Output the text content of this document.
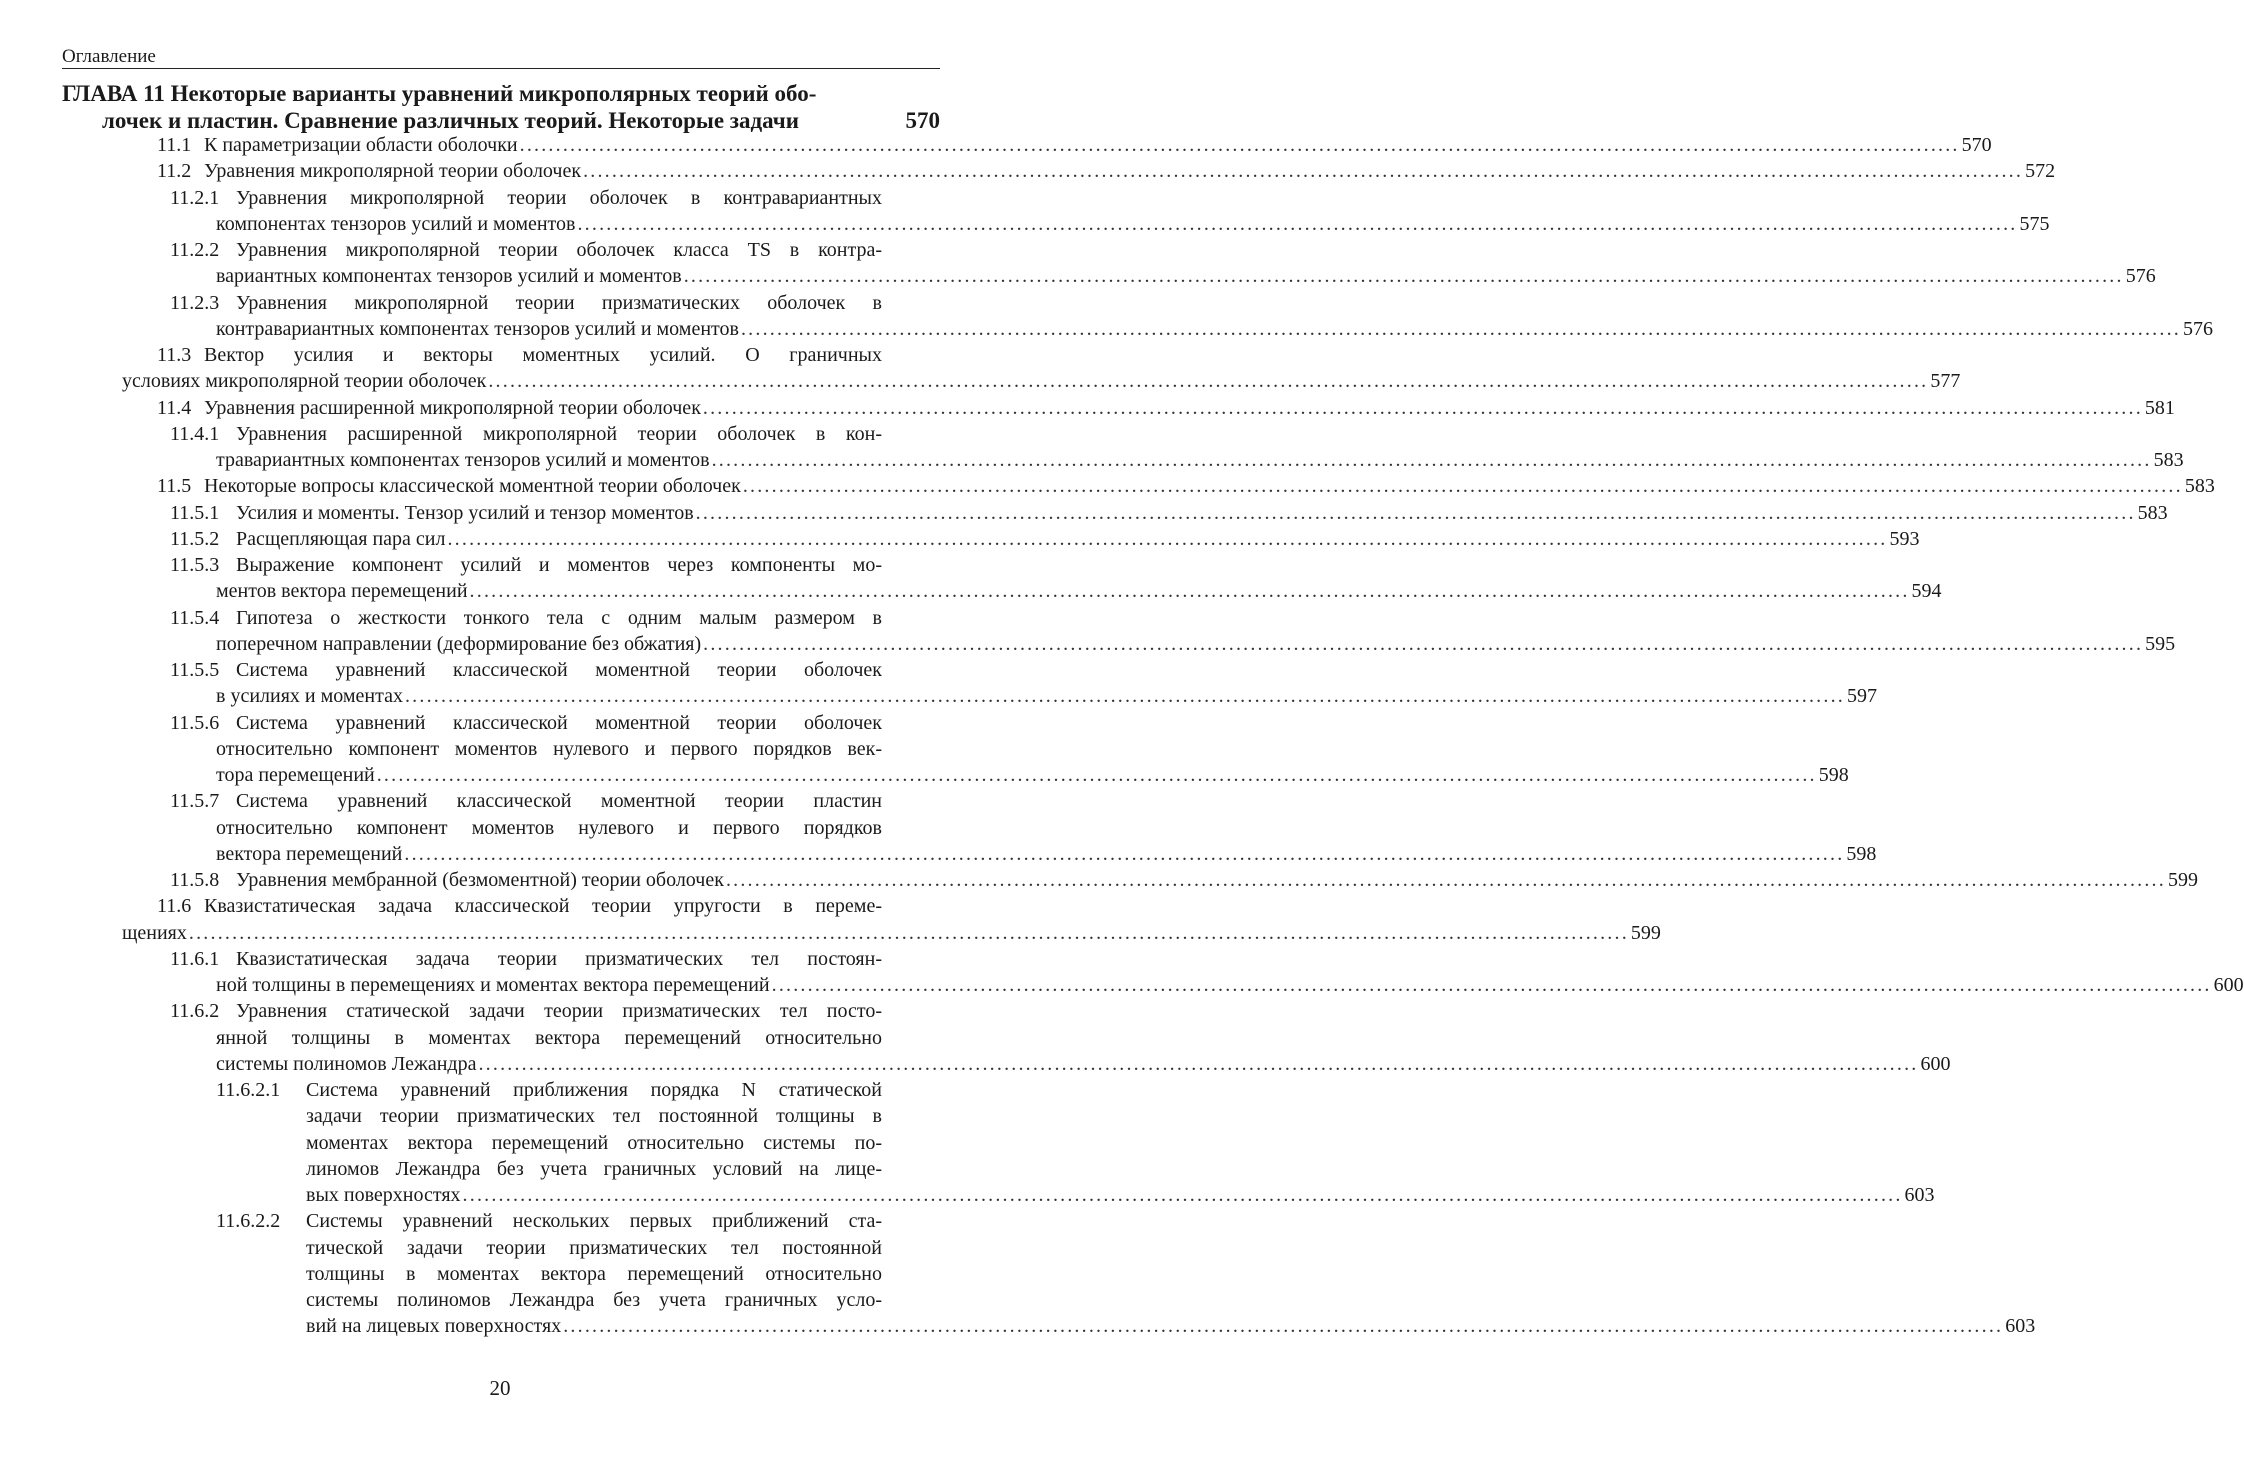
Оглавление
ГЛАВА 11 Некоторые варианты уравнений микрополярных теорий обо-
лочек и пластин. Сравнение различных теорий. Некоторые задачи	570
11.1 К параметризации области оболочки ........................................................................................................................................................................................................ 570
11.2 Уравнения микрополярной теории оболочек ........................................................................................................................................................................................................ 572
11.2.1 Уравнения микрополярной теории оболочек в контравариантных
компонентах тензоров усилий и моментов ........................................................................................................................................................................................................ 575
11.2.2 Уравнения микрополярной теории оболочек класса TS в контра-
вариантных компонентах тензоров усилий и моментов ........................................................................................................................................................................................................ 576
11.2.3 Уравнения микрополярной теории призматических оболочек в
контравариантных компонентах тензоров усилий и моментов ........................................................................................................................................................................................................ 576
11.3 Вектор усилия и векторы моментных усилий. О граничных
условиях микрополярной теории оболочек ........................................................................................................................................................................................................ 577
11.4 Уравнения расширенной микрополярной теории оболочек ........................................................................................................................................................................................................ 581
11.4.1 Уравнения расширенной микрополярной теории оболочек в кон-
травариантных компонентах тензоров усилий и моментов ........................................................................................................................................................................................................ 583
11.5 Некоторые вопросы классической моментной теории оболочек ........................................................................................................................................................................................................ 583
11.5.1 Усилия и моменты. Тензор усилий и тензор моментов ........................................................................................................................................................................................................ 583
11.5.2 Расщепляющая пара сил ........................................................................................................................................................................................................ 593
11.5.3 Выражение компонент усилий и моментов через компоненты мо-
ментов вектора перемещений ........................................................................................................................................................................................................ 594
11.5.4 Гипотеза о жесткости тонкого тела с одним малым размером в
поперечном направлении (деформирование без обжатия) ........................................................................................................................................................................................................ 595
11.5.5 Система уравнений классической моментной теории оболочек
в усилиях и моментах ........................................................................................................................................................................................................ 597
11.5.6 Система уравнений классической моментной теории оболочек
относительно компонент моментов нулевого и первого порядков век-
тора перемещений ........................................................................................................................................................................................................ 598
11.5.7 Система уравнений классической моментной теории пластин
относительно компонент моментов нулевого и первого порядков
вектора перемещений ........................................................................................................................................................................................................ 598
11.5.8 Уравнения мембранной (безмоментной) теории оболочек ........................................................................................................................................................................................................ 599
11.6 Квазистатическая задача классической теории упругости в переме-
щениях ........................................................................................................................................................................................................ 599
11.6.1 Квазистатическая задача теории призматических тел постоян-
ной толщины в перемещениях и моментах вектора перемещений ........................................................................................................................................................................................................ 600
11.6.2 Уравнения статической задачи теории призматических тел посто-
янной толщины в моментах вектора перемещений относительно
системы полиномов Лежандра ........................................................................................................................................................................................................ 600
11.6.2.1 Система уравнений приближения порядка N статической
задачи теории призматических тел постоянной толщины в
моментах вектора перемещений относительно системы по-
линомов Лежандра без учета граничных условий на лице-
вых поверхностях ........................................................................................................................................................................................................ 603
11.6.2.2 Системы уравнений нескольких первых приближений ста-
тической задачи теории призматических тел постоянной
толщины в моментах вектора перемещений относительно
системы полиномов Лежандра без учета граничных усло-
вий на лицевых поверхностях ........................................................................................................................................................................................................ 603
20
